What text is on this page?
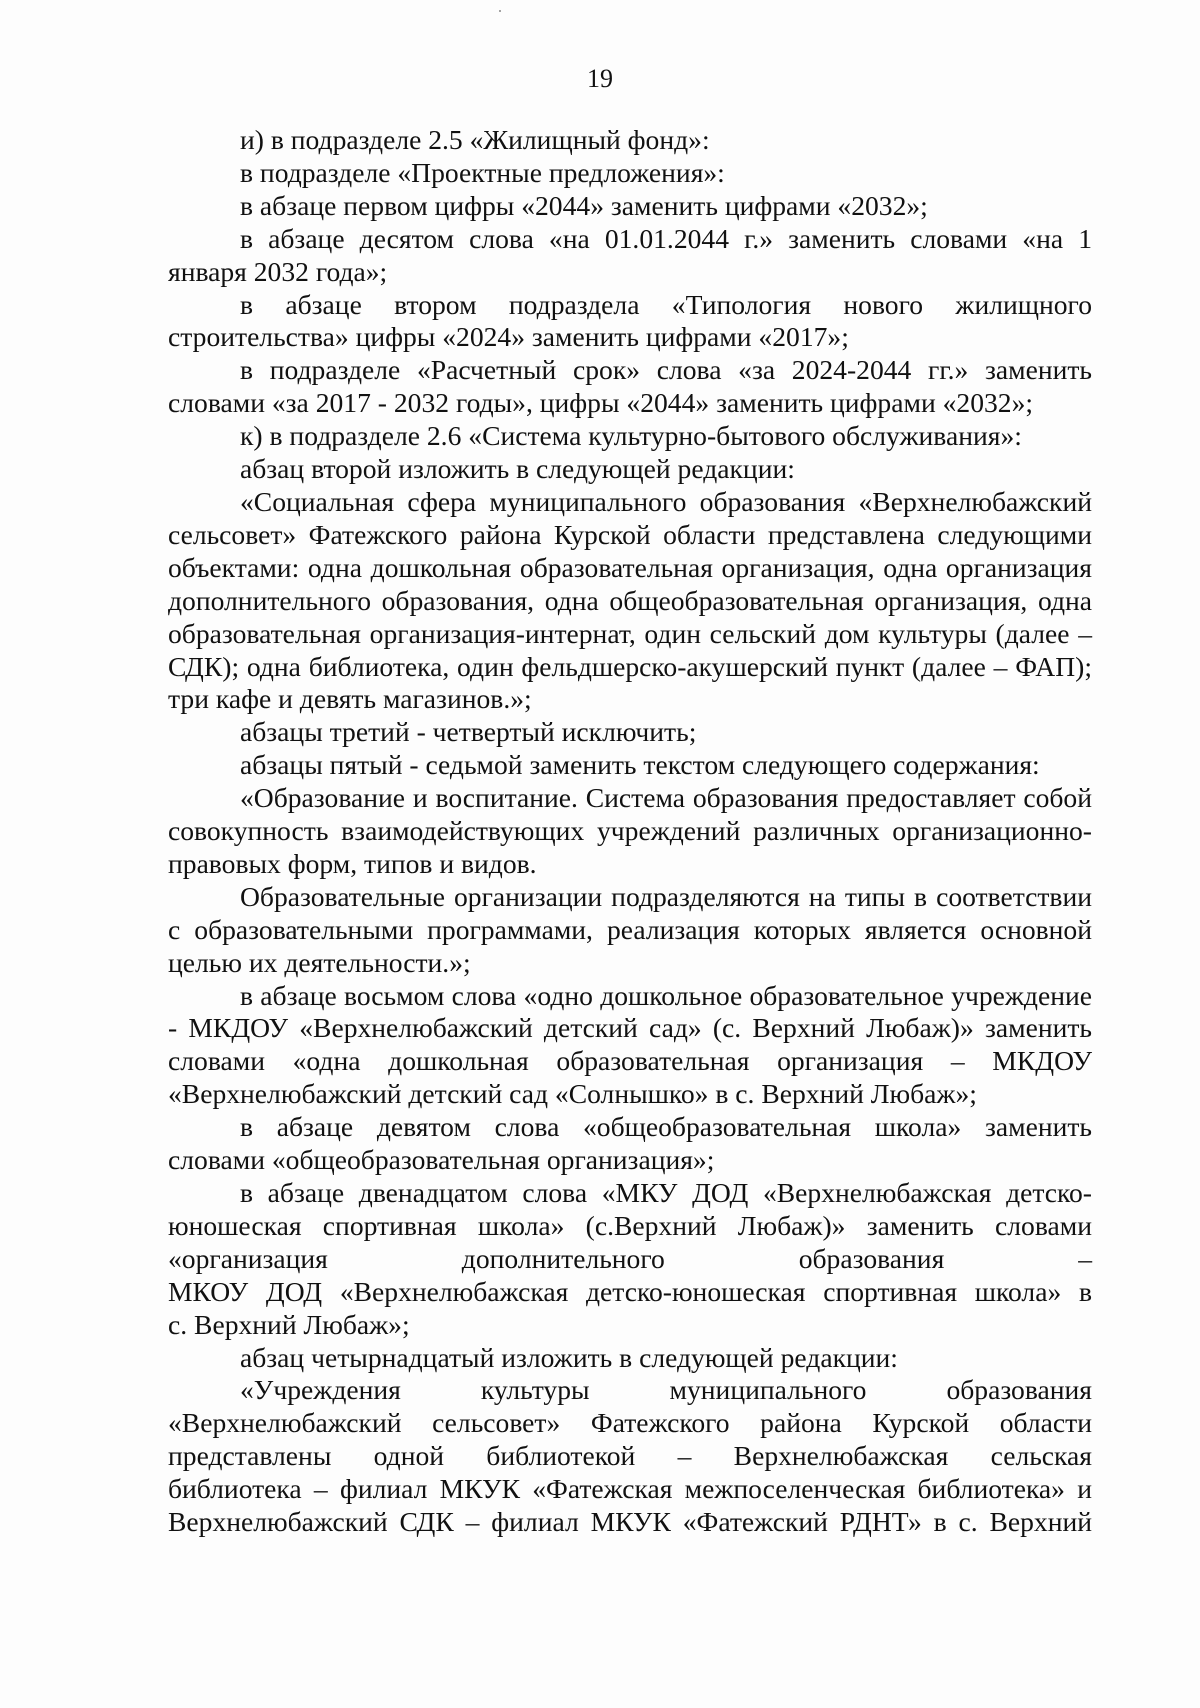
19

и) в подразделе 2.5 «Жилищный фонд»:

в подразделе «Проектные предложения»:

в абзаце первом цифры «2044» заменить цифрами «2032»;

в абзаце десятом слова «на 01.01.2044 г.» заменить словами «на 1 января 2032 года»;

в абзаце втором подраздела «Типология нового жилищного строительства» цифры «2024» заменить цифрами «2017»;

в подразделе «Расчетный срок» слова «за 2024-2044 гг.» заменить словами «за 2017 - 2032 годы», цифры «2044» заменить цифрами «2032»;

к) в подразделе 2.6 «Система культурно-бытового обслуживания»:

абзац второй изложить в следующей редакции:

«Социальная сфера муниципального образования «Верхнелюбажский сельсовет» Фатежского района Курской области представлена следующими объектами: одна дошкольная образовательная организация, одна организация дополнительного образования, одна общеобразовательная организация, одна образовательная организация-интернат, один сельский дом культуры (далее – СДК); одна библиотека, один фельдшерско-акушерский пункт (далее – ФАП); три кафе и девять магазинов.»;

абзацы третий - четвертый исключить;

абзацы пятый - седьмой заменить текстом следующего содержания:

«Образование и воспитание. Система образования предоставляет собой совокупность взаимодействующих учреждений различных организационно-правовых форм, типов и видов.

Образовательные организации подразделяются на типы в соответствии с образовательными программами, реализация которых является основной целью их деятельности.»;

в абзаце восьмом слова «одно дошкольное образовательное учреждение - МКДОУ «Верхнелюбажский детский сад» (с. Верхний Любаж)» заменить словами «одна дошкольная образовательная организация – МКДОУ «Верхнелюбажский детский сад «Солнышко» в с. Верхний Любаж»;

в абзаце девятом слова «общеобразовательная школа» заменить словами «общеобразовательная организация»;

в абзаце двенадцатом слова «МКУ ДОД «Верхнелюбажская детско-
юношеская спортивная школа» (с.Верхний Любаж)» заменить словами
«организация дополнительного образования –
МКОУ ДОД «Верхнелюбажская детско-юношеская спортивная школа» в
с. Верхний Любаж»;

абзац четырнадцатый изложить в следующей редакции:

«Учреждения культуры муниципального образования
«Верхнелюбажский сельсовет» Фатежского района Курской области
представлены одной библиотекой – Верхнелюбажская сельская
библиотека – филиал МКУК «Фатежская межпоселенческая библиотека» и
Верхнелюбажский СДК – филиал МКУК «Фатежский РДНТ» в с. Верхний
